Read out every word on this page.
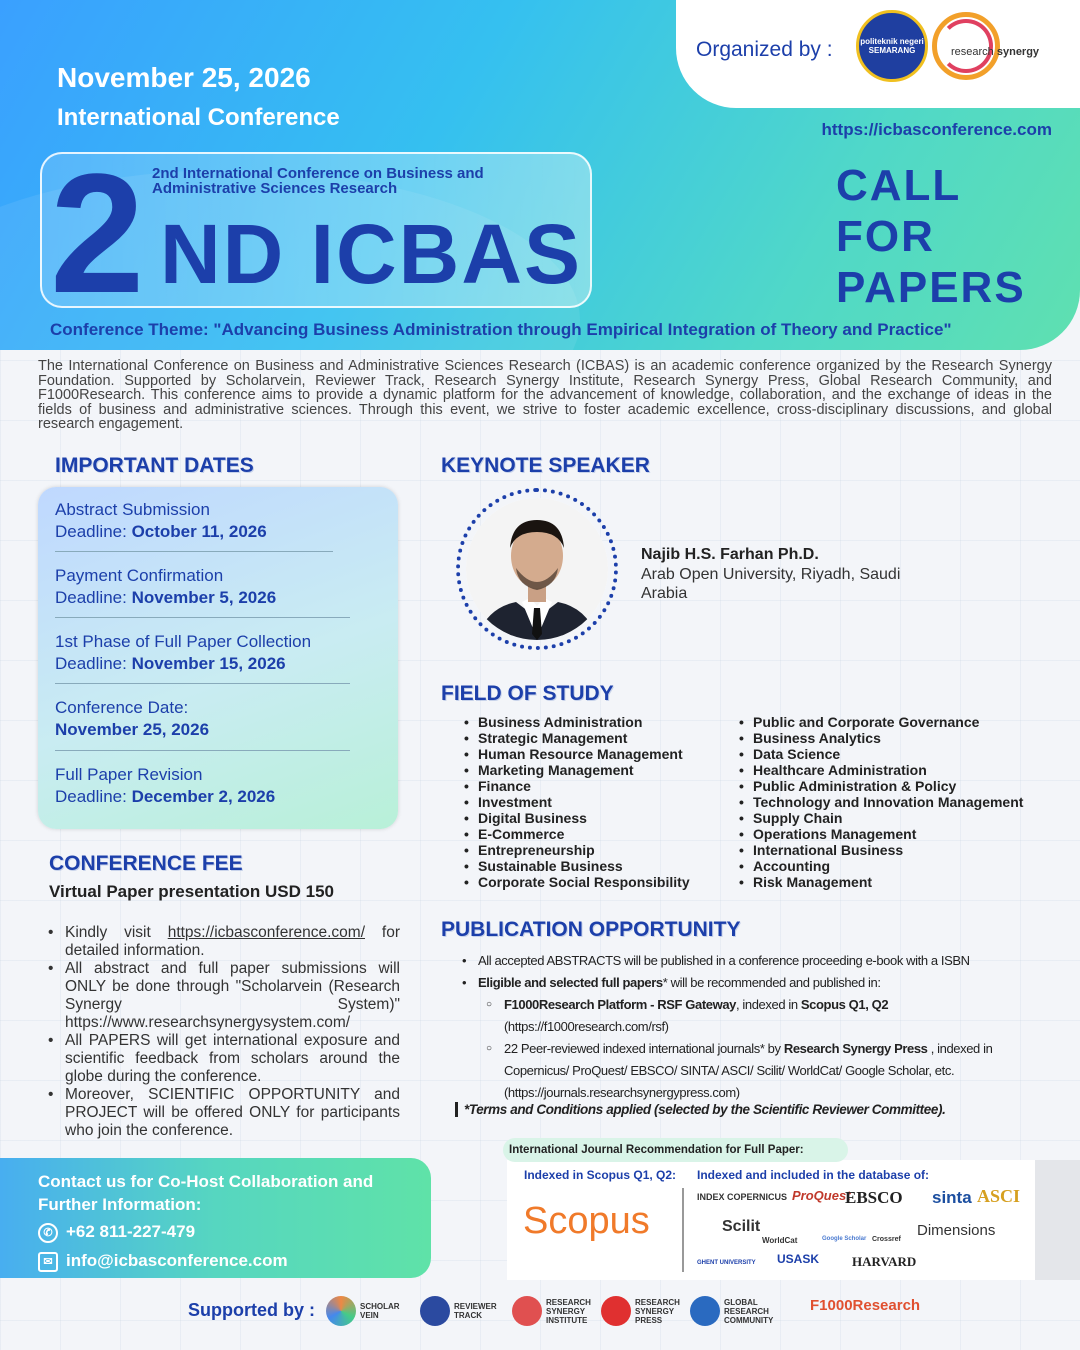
November 25, 2026
International Conference	https://icbasconference.com
2 2nd International Conference on Business and Administrative Sciences Research
ND ICBAS
CALL
FOR
PAPERS
Conference Theme: "Advancing Business Administration through Empirical Integration of Theory and Practice"
Organized by :	politeknik negeri SEMARANG	research synergy
The International Conference on Business and Administrative Sciences Research (ICBAS) is an academic conference organized by the Research Synergy Foundation. Supported by Scholarvein, Reviewer Track, Research Synergy Institute, Research Synergy Press, Global Research Community, and F1000Research. This conference aims to provide a dynamic platform for the advancement of knowledge, collaboration, and the exchange of ideas in the fields of business and administrative sciences. Through this event, we strive to foster academic excellence, cross-disciplinary discussions, and global research engagement.
IMPORTANT DATES
Abstract Submission
Deadline: October 11, 2026
Payment Confirmation
Deadline: November 5, 2026
1st Phase of Full Paper Collection
Deadline: November 15, 2026
Conference Date:
November 25, 2026
Full Paper Revision
Deadline: December 2, 2026
CONFERENCE FEE
Virtual Paper presentation USD 150
• Kindly visit https://icbasconference.com/ for detailed information.
• All abstract and full paper submissions will ONLY be done through "Scholarvein (Research Synergy System)" https://www.researchsynergysystem.com/
• All PAPERS will get international exposure and scientific feedback from scholars around the globe during the conference.
• Moreover, SCIENTIFIC OPPORTUNITY and PROJECT will be offered ONLY for participants who join the conference.
Contact us for Co-Host Collaboration and Further Information:
✆ +62 811-227-479
✉ info@icbasconference.com
KEYNOTE SPEAKER
Najib H.S. Farhan Ph.D.
Arab Open University, Riyadh, Saudi Arabia
FIELD OF STUDY
• Business Administration
• Strategic Management
• Human Resource Management
• Marketing Management
• Finance
• Investment
• Digital Business
• E-Commerce
• Entrepreneurship
• Sustainable Business
• Corporate Social Responsibility
• Public and Corporate Governance
• Business Analytics
• Data Science
• Healthcare Administration
• Public Administration & Policy
• Technology and Innovation Management
• Supply Chain
• Operations Management
• International Business
• Accounting
• Risk Management
PUBLICATION OPPORTUNITY
• All accepted ABSTRACTS will be published in a conference proceeding e-book with a ISBN
• Eligible and selected full papers* will be recommended and published in:
○ F1000Research Platform - RSF Gateway, indexed in Scopus Q1, Q2
(https://f1000research.com/rsf)
○ 22 Peer-reviewed indexed international journals* by Research Synergy Press , indexed in
Copernicus/ ProQuest/ EBSCO/ SINTA/ ASCI/ Scilit/ WorldCat/ Google Scholar, etc.
(https://journals.researchsynergypress.com)
*Terms and Conditions applied (selected by the Scientific Reviewer Committee).
Indexed in Scopus Q1, Q2: Indexed and included in the database of:
Scopus
INDEX COPERNICUS ProQuest
EBSCO sinta ASCI
Scilit
WorldCat	Google Scholar Crossref
Dimensions
GHENT UNIVERSITY USASK	HARVARD
International Journal Recommendation for Full Paper:
Supported by :	SCHOLAR VEIN
REVIEWER TRACK
RESEARCH SYNERGY INSTITUTE
RESEARCH SYNERGY PRESS
GLOBAL RESEARCH COMMUNITY
F1000Research
